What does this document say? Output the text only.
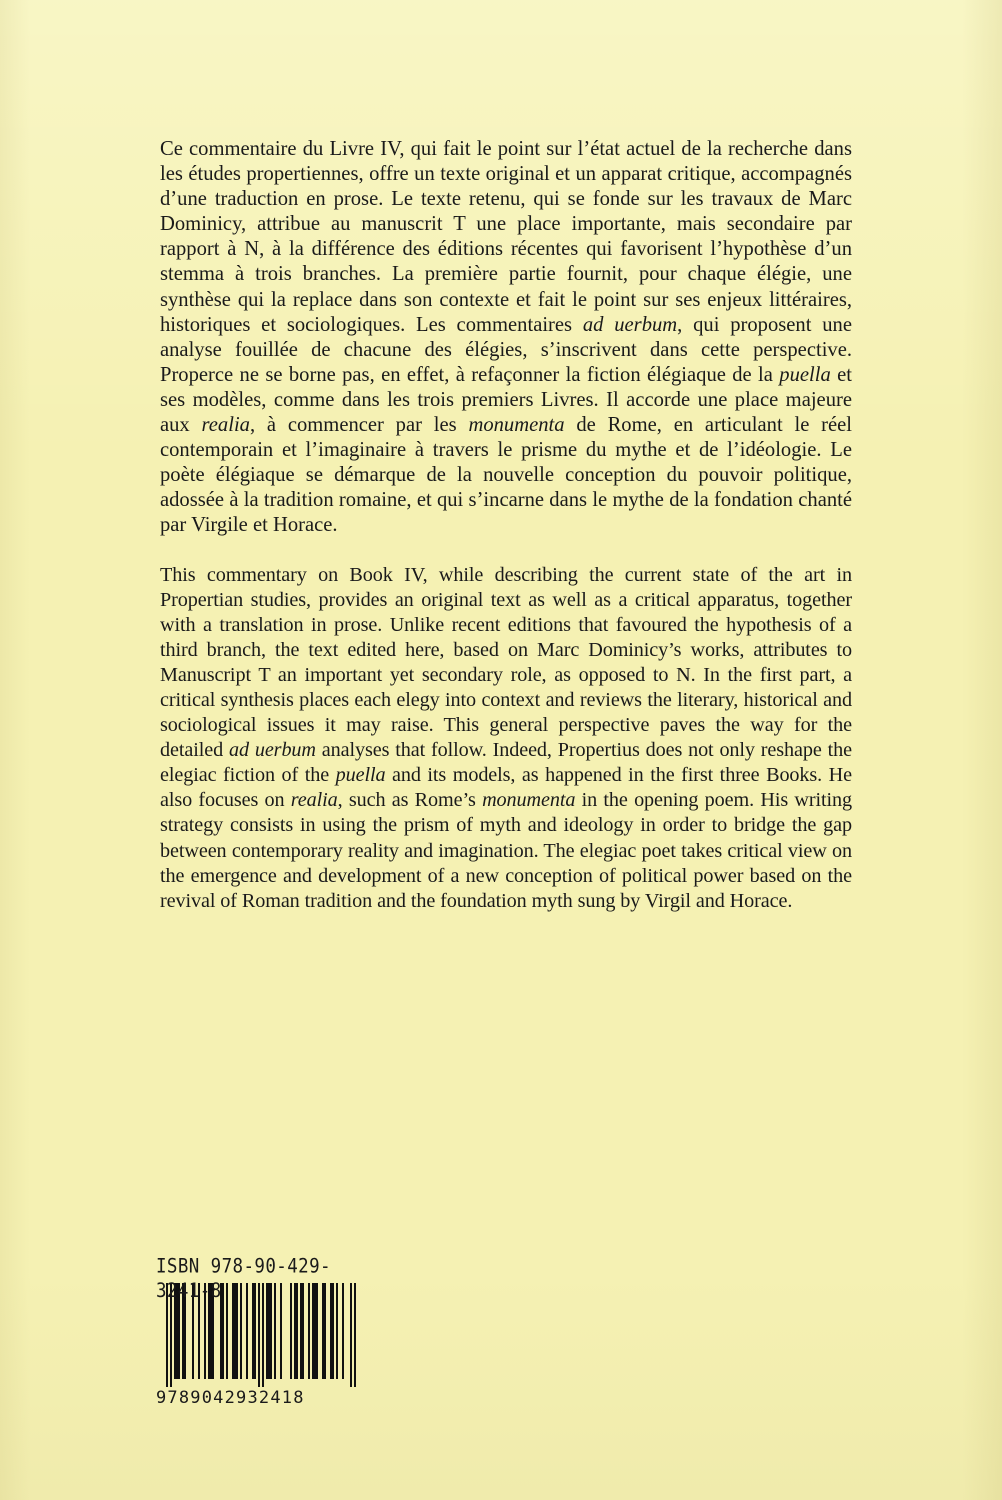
Ce commentaire du Livre IV, qui fait le point sur l’état actuel de la recherche dans les études propertiennes, offre un texte original et un apparat critique, accompagnés d’une traduction en prose. Le texte retenu, qui se fonde sur les travaux de Marc Dominicy, attribue au manuscrit T une place importante, mais secondaire par rapport à N, à la différence des éditions récentes qui favorisent l’hypothèse d’un stemma à trois branches. La première partie fournit, pour chaque élégie, une synthèse qui la replace dans son contexte et fait le point sur ses enjeux littéraires, historiques et sociologiques. Les commentaires ad uerbum, qui proposent une analyse fouillée de chacune des élégies, s’inscrivent dans cette perspective. Properce ne se borne pas, en effet, à refaçonner la fiction élégiaque de la puella et ses modèles, comme dans les trois premiers Livres. Il accorde une place majeure aux realia, à commencer par les monumenta de Rome, en articulant le réel contemporain et l’imaginaire à travers le prisme du mythe et de l’idéologie. Le poète élégiaque se démarque de la nouvelle conception du pouvoir politique, adossée à la tradition romaine, et qui s’incarne dans le mythe de la fondation chanté par Virgile et Horace.

This commentary on Book IV, while describing the current state of the art in Propertian studies, provides an original text as well as a critical apparatus, together with a translation in prose. Unlike recent editions that favoured the hypothesis of a third branch, the text edited here, based on Marc Dominicy’s works, attributes to Manuscript T an important yet secondary role, as opposed to N. In the first part, a critical synthesis places each elegy into context and reviews the literary, historical and sociological issues it may raise. This general perspective paves the way for the detailed ad uerbum analyses that follow. Indeed, Propertius does not only reshape the elegiac fiction of the puella and its models, as happened in the first three Books. He also focuses on realia, such as Rome’s monumenta in the opening poem. His writing strategy consists in using the prism of myth and ideology in order to bridge the gap between contemporary reality and imagination. The elegiac poet takes critical view on the emergence and development of a new conception of political power based on the revival of Roman tradition and the foundation myth sung by Virgil and Horace.

ISBN 978-90-429-3241-8
9789042932418
